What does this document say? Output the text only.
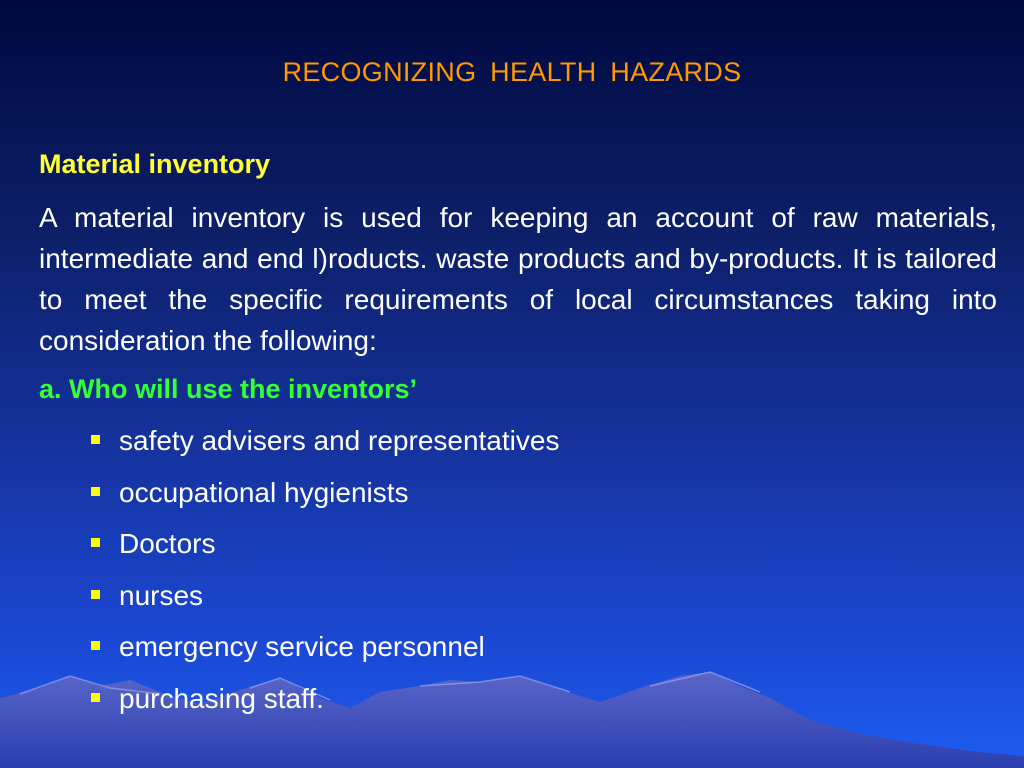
RECOGNIZING HEALTH HAZARDS
Material inventory

A material inventory is used for keeping an account of raw materials, intermediate and end l)roducts. waste products and by-products. It is tailored to meet the specific requirements of local circumstances taking into consideration the following:

a. Who will use the inventors’
safety advisers and representatives
occupational hygienists
Doctors
nurses
emergency service personnel
purchasing staff.
